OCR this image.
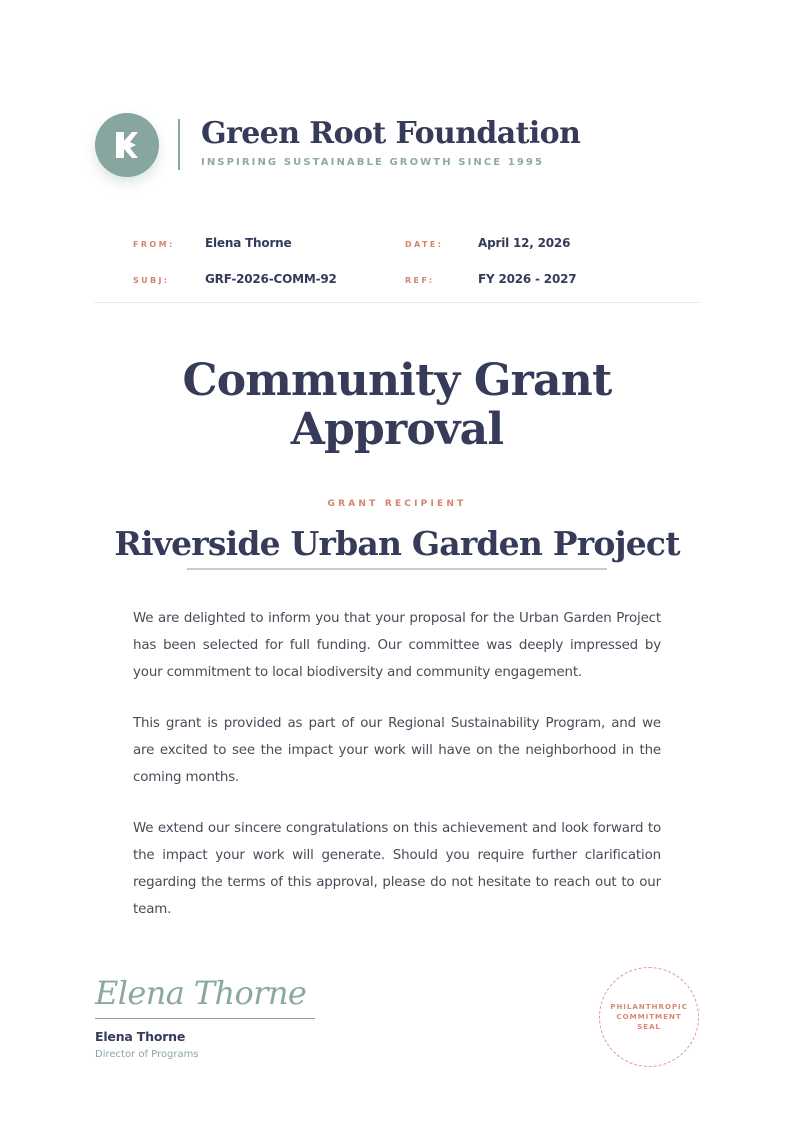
Green Root Foundation
INSPIRING SUSTAINABLE GROWTH SINCE 1995
FROM:	Elena Thorne	DATE:	April 12, 2026
SUBJ:	GRF-2026-COMM-92	REF:	FY 2026 - 2027
Community Grant
Approval
GRANT RECIPIENT
Riverside Urban Garden Project

We are delighted to inform you that your proposal for the Urban Garden Project has been selected for full funding. Our committee was deeply impressed by your commitment to local biodiversity and community engagement.

This grant is provided as part of our Regional Sustainability Program, and we are excited to see the impact your work will have on the neighborhood in the coming months.

We extend our sincere congratulations on this achievement and look forward to the impact your work will generate. Should you require further clarification regarding the terms of this approval, please do not hesitate to reach out to our team.

Elena Thorne
Elena Thorne
Director of Programs
PHILANTHROPIC
COMMITMENT
SEAL
